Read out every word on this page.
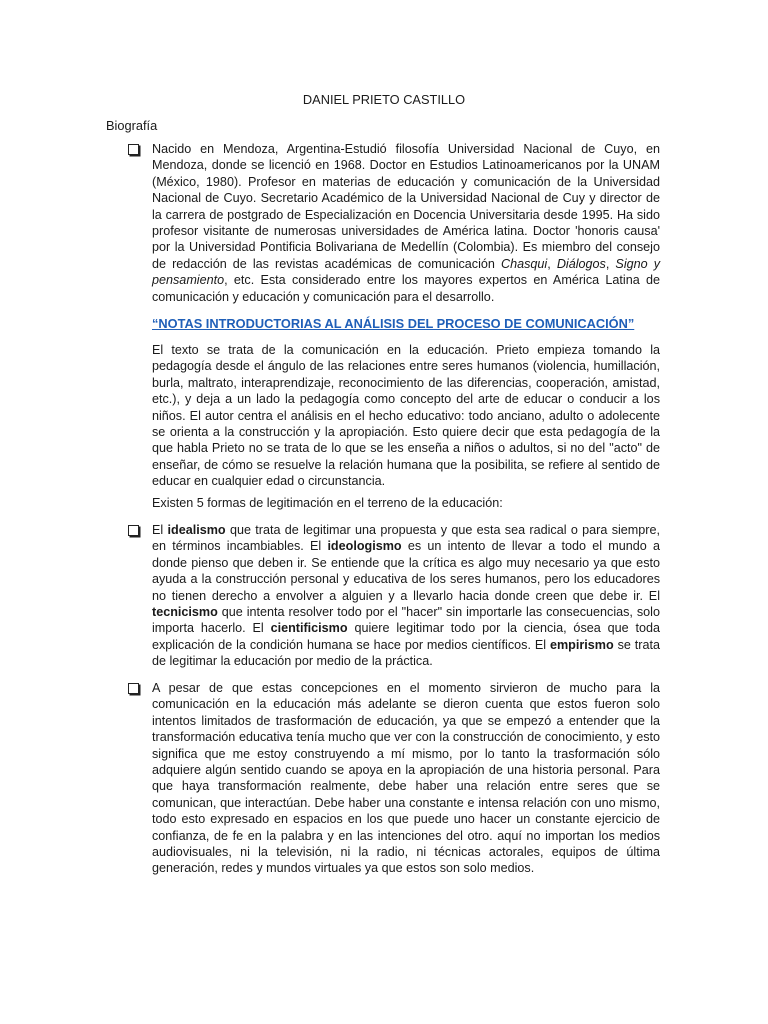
DANIEL PRIETO CASTILLO
Biografía

Nacido en Mendoza, Argentina-Estudió filosofía Universidad Nacional de Cuyo, en Mendoza, donde se licenció en 1968. Doctor en Estudios Latinoamericanos por la UNAM (México, 1980). Profesor en materias de educación y comunicación de la Universidad Nacional de Cuyo. Secretario Académico de la Universidad Nacional de Cuy y director de la carrera de postgrado de Especialización en Docencia Universitaria desde 1995. Ha sido profesor visitante de numerosas universidades de América latina. Doctor 'honoris causa' por la Universidad Pontificia Bolivariana de Medellín (Colombia). Es miembro del consejo de redacción de las revistas académicas de comunicación Chasqui, Diálogos, Signo y pensamiento, etc. Esta considerado entre los mayores expertos en América Latina de comunicación y educación y comunicación para el desarrollo.

“NOTAS INTRODUCTORIAS AL ANÁLISIS DEL PROCESO DE COMUNICACIÓN”

El texto se trata de la comunicación en la educación. Prieto empieza tomando la pedagogía desde el ángulo de las relaciones entre seres humanos (violencia, humillación, burla, maltrato, interaprendizaje, reconocimiento de las diferencias, cooperación, amistad, etc.), y deja a un lado la pedagogía como concepto del arte de educar o conducir a los niños. El autor centra el análisis en el hecho educativo: todo anciano, adulto o adolecente se orienta a la construcción y la apropiación. Esto quiere decir que esta pedagogía de la que habla Prieto no se trata de lo que se les enseña a niños o adultos, si no del "acto" de enseñar, de cómo se resuelve la relación humana que la posibilita, se refiere al sentido de educar en cualquier edad o circunstancia.

Existen 5 formas de legitimación en el terreno de la educación:

El idealismo que trata de legitimar una propuesta y que esta sea radical o para siempre, en términos incambiables. El ideologismo es un intento de llevar a todo el mundo a donde pienso que deben ir. Se entiende que la crítica es algo muy necesario ya que esto ayuda a la construcción personal y educativa de los seres humanos, pero los educadores no tienen derecho a envolver a alguien y a llevarlo hacia donde creen que debe ir. El tecnicismo que intenta resolver todo por el "hacer" sin importarle las consecuencias, solo importa hacerlo. El cientificismo quiere legitimar todo por la ciencia, ósea que toda explicación de la condición humana se hace por medios científicos. El empirismo se trata de legitimar la educación por medio de la práctica.

A pesar de que estas concepciones en el momento sirvieron de mucho para la comunicación en la educación más adelante se dieron cuenta que estos fueron solo intentos limitados de trasformación de educación, ya que se empezó a entender que la transformación educativa tenía mucho que ver con la construcción de conocimiento, y esto significa que me estoy construyendo a mí mismo, por lo tanto la trasformación sólo adquiere algún sentido cuando se apoya en la apropiación de una historia personal. Para que haya transformación realmente, debe haber una relación entre seres que se comunican, que interactúan. Debe haber una constante e intensa relación con uno mismo, todo esto expresado en espacios en los que puede uno hacer un constante ejercicio de confianza, de fe en la palabra y en las intenciones del otro. aquí no importan los medios audiovisuales, ni la televisión, ni la radio, ni técnicas actorales, equipos de última generación, redes y mundos virtuales ya que estos son solo medios.
